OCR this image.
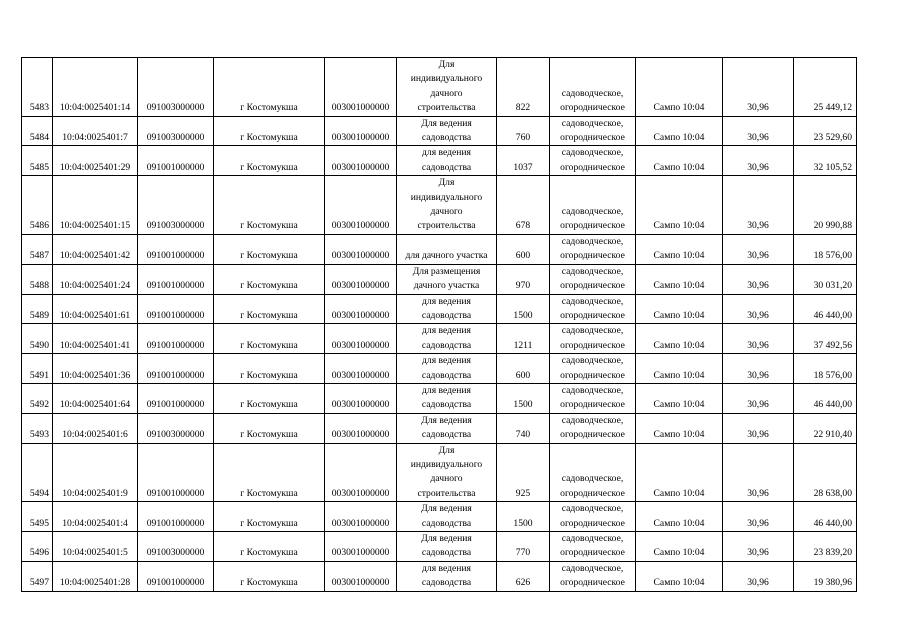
5483	10:04:0025401:14	091003000000	г Костомукша	003001000000	Для
индивидуального
дачного
строительства	822	садоводческое,
огородническое	Сампо 10:04	30,96	25 449,12
5484	10:04:0025401:7	091003000000	г Костомукша	003001000000	Для ведения
садоводства	760	садоводческое,
огородническое	Сампо 10:04	30,96	23 529,60
5485	10:04:0025401:29	091001000000	г Костомукша	003001000000	для ведения
садоводства	1037	садоводческое,
огородническое	Сампо 10:04	30,96	32 105,52
5486	10:04:0025401:15	091003000000	г Костомукша	003001000000	Для
индивидуального
дачного
строительства	678	садоводческое,
огородническое	Сампо 10:04	30,96	20 990,88
5487	10:04:0025401:42	091001000000	г Костомукша	003001000000	для дачного участка	600	садоводческое,
огородническое	Сампо 10:04	30,96	18 576,00
5488	10:04:0025401:24	091001000000	г Костомукша	003001000000	Для размещения
дачного участка	970	садоводческое,
огородническое	Сампо 10:04	30,96	30 031,20
5489	10:04:0025401:61	091001000000	г Костомукша	003001000000	для ведения
садоводства	1500	садоводческое,
огородническое	Сампо 10:04	30,96	46 440,00
5490	10:04:0025401:41	091001000000	г Костомукша	003001000000	для ведения
садоводства	1211	садоводческое,
огородническое	Сампо 10:04	30,96	37 492,56
5491	10:04:0025401:36	091001000000	г Костомукша	003001000000	для ведения
садоводства	600	садоводческое,
огородническое	Сампо 10:04	30,96	18 576,00
5492	10:04:0025401:64	091001000000	г Костомукша	003001000000	для ведения
садоводства	1500	садоводческое,
огородническое	Сампо 10:04	30,96	46 440,00
5493	10:04:0025401:6	091003000000	г Костомукша	003001000000	Для ведения
садоводства	740	садоводческое,
огородническое	Сампо 10:04	30,96	22 910,40
5494	10:04:0025401:9	091001000000	г Костомукша	003001000000	Для
индивидуального
дачного
строительства	925	садоводческое,
огородническое	Сампо 10:04	30,96	28 638,00
5495	10:04:0025401:4	091001000000	г Костомукша	003001000000	Для ведения
садоводства	1500	садоводческое,
огородническое	Сампо 10:04	30,96	46 440,00
5496	10:04:0025401:5	091003000000	г Костомукша	003001000000	Для ведения
садоводства	770	садоводческое,
огородническое	Сампо 10:04	30,96	23 839,20
5497	10:04:0025401:28	091001000000	г Костомукша	003001000000	для ведения
садоводства	626	садоводческое,
огородническое	Сампо 10:04	30,96	19 380,96
